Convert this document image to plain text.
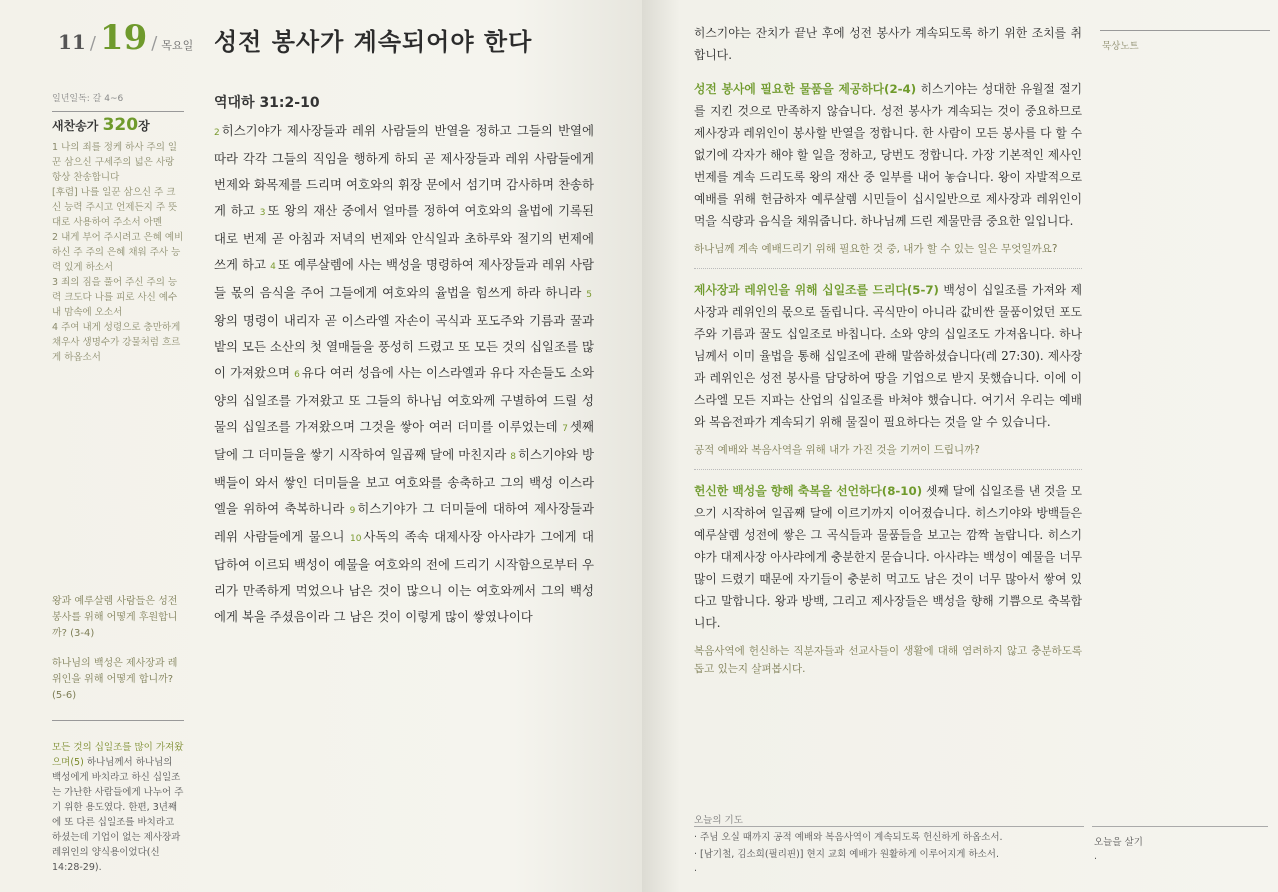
11 / 19 / 목요일
일년일독: 갈 4~6
새찬송가 320장
1 나의 죄를 정케 하사 주의 일꾼 삼으신 구세주의 넓은 사랑 항상 찬송합니다
[후렴] 나를 일꾼 삼으신 주 크신 능력 주시고 언제든지 주 뜻대로 사용하여 주소서 아멘
2 내게 부어 주시려고 은혜 예비하신 주 주의 은혜 채워 주사 능력 있게 하소서
3 죄의 짐을 풀어 주신 주의 능력 크도다 나를 피로 사신 예수 내 맘속에 오소서
4 주여 내게 성령으로 충만하게 채우사 생명수가 강물처럼 흐르게 하옵소서
왕과 예루살렘 사람들은 성전 봉사를 위해 어떻게 후원합니까? (3-4)
하나님의 백성은 제사장과 레위인을 위해 어떻게 합니까? (5-6)
모든 것의 십일조를 많이 가져왔으며(5) 하나님께서 하나님의 백성에게 바치라고 하신 십일조는 가난한 사람들에게 나누어 주기 위한 용도였다. 한편, 3년째에 또 다른 십일조를 바치라고 하셨는데 기업이 없는 제사장과 레위인의 양식용이었다(신 14:28-29).
성전 봉사가 계속되어야 한다
역대하 31:2-10
2 히스기야가 제사장들과 레위 사람들의 반열을 정하고 그들의 반열에 따라 각각 그들의 직임을 행하게 하되 곧 제사장들과 레위 사람들에게 번제와 화목제를 드리며 여호와의 휘장 문에서 섬기며 감사하며 찬송하게 하고 3 또 왕의 재산 중에서 얼마를 정하여 여호와의 율법에 기록된 대로 번제 곧 아침과 저녁의 번제와 안식일과 초하루와 절기의 번제에 쓰게 하고 4 또 예루살렘에 사는 백성을 명령하여 제사장들과 레위 사람들 몫의 음식을 주어 그들에게 여호와의 율법을 힘쓰게 하라 하니라 5왕의 명령이 내리자 곧 이스라엘 자손이 곡식과 포도주와 기름과 꿀과 밭의 모든 소산의 첫 열매들을 풍성히 드렸고 또 모든 것의 십일조를 많이 가져왔으며 6 유다 여러 성읍에 사는 이스라엘과 유다 자손들도 소와 양의 십일조를 가져왔고 또 그들의 하나님 여호와께 구별하여 드릴 성물의 십일조를 가져왔으며 그것을 쌓아 여러 더미를 이루었는데 7 셋째 달에 그 더미들을 쌓기 시작하여 일곱째 달에 마친지라 8 히스기야와 방백들이 와서 쌓인 더미들을 보고 여호와를 송축하고 그의 백성 이스라엘을 위하여 축복하니라 9 히스기야가 그 더미들에 대하여 제사장들과 레위 사람들에게 물으니 10 사독의 족속 대제사장 아사랴가 그에게 대답하여 이르되 백성이 예물을 여호와의 전에 드리기 시작함으로부터 우리가 만족하게 먹었으나 남은 것이 많으니 이는 여호와께서 그의 백성에게 복을 주셨음이라 그 남은 것이 이렇게 많이 쌓였나이다
묵상노트

히스기야는 잔치가 끝난 후에 성전 봉사가 계속되도록 하기 위한 조치를 취합니다.

성전 봉사에 필요한 물품을 제공하다(2-4) 히스기야는 성대한 유월절 절기를 지킨 것으로 만족하지 않습니다. 성전 봉사가 계속되는 것이 중요하므로 제사장과 레위인이 봉사할 반열을 정합니다. 한 사람이 모든 봉사를 다 할 수 없기에 각자가 해야 할 일을 정하고, 당번도 정합니다. 가장 기본적인 제사인 번제를 계속 드리도록 왕의 재산 중 일부를 내어 놓습니다. 왕이 자발적으로 예배를 위해 헌금하자 예루살렘 시민들이 십시일반으로 제사장과 레위인이 먹을 식량과 음식을 채워줍니다. 하나님께 드린 제물만큼 중요한 일입니다.

하나님께 계속 예배드리기 위해 필요한 것 중, 내가 할 수 있는 일은 무엇일까요?

제사장과 레위인을 위해 십일조를 드리다(5-7) 백성이 십일조를 가져와 제사장과 레위인의 몫으로 돌립니다. 곡식만이 아니라 값비싼 물품이었던 포도주와 기름과 꿀도 십일조로 바칩니다. 소와 양의 십일조도 가져옵니다. 하나님께서 이미 율법을 통해 십일조에 관해 말씀하셨습니다(레 27:30). 제사장과 레위인은 성전 봉사를 담당하여 땅을 기업으로 받지 못했습니다. 이에 이스라엘 모든 지파는 산업의 십일조를 바쳐야 했습니다. 여기서 우리는 예배와 복음전파가 계속되기 위해 물질이 필요하다는 것을 알 수 있습니다.

공적 예배와 복음사역을 위해 내가 가진 것을 기꺼이 드립니까?

헌신한 백성을 향해 축복을 선언하다(8-10) 셋째 달에 십일조를 낸 것을 모으기 시작하여 일곱째 달에 이르기까지 이어졌습니다. 히스기야와 방백들은 예루살렘 성전에 쌓은 그 곡식들과 물품들을 보고는 깜짝 놀랍니다. 히스기야가 대제사장 아사랴에게 충분한지 묻습니다. 아사랴는 백성이 예물을 너무 많이 드렸기 때문에 자기들이 충분히 먹고도 남은 것이 너무 많아서 쌓여 있다고 말합니다. 왕과 방백, 그리고 제사장들은 백성을 향해 기쁨으로 축복합니다.

복음사역에 헌신하는 직분자들과 선교사들이 생활에 대해 염려하지 않고 충분하도록 돕고 있는지 살펴봅시다.
오늘의 기도
· 주님 오실 때까지 공적 예배와 복음사역이 계속되도록 헌신하게 하옵소서.
· [남기철, 김소희(필리핀)] 현지 교회 예배가 원활하게 이루어지게 하소서.
·
오늘을 살기
·
